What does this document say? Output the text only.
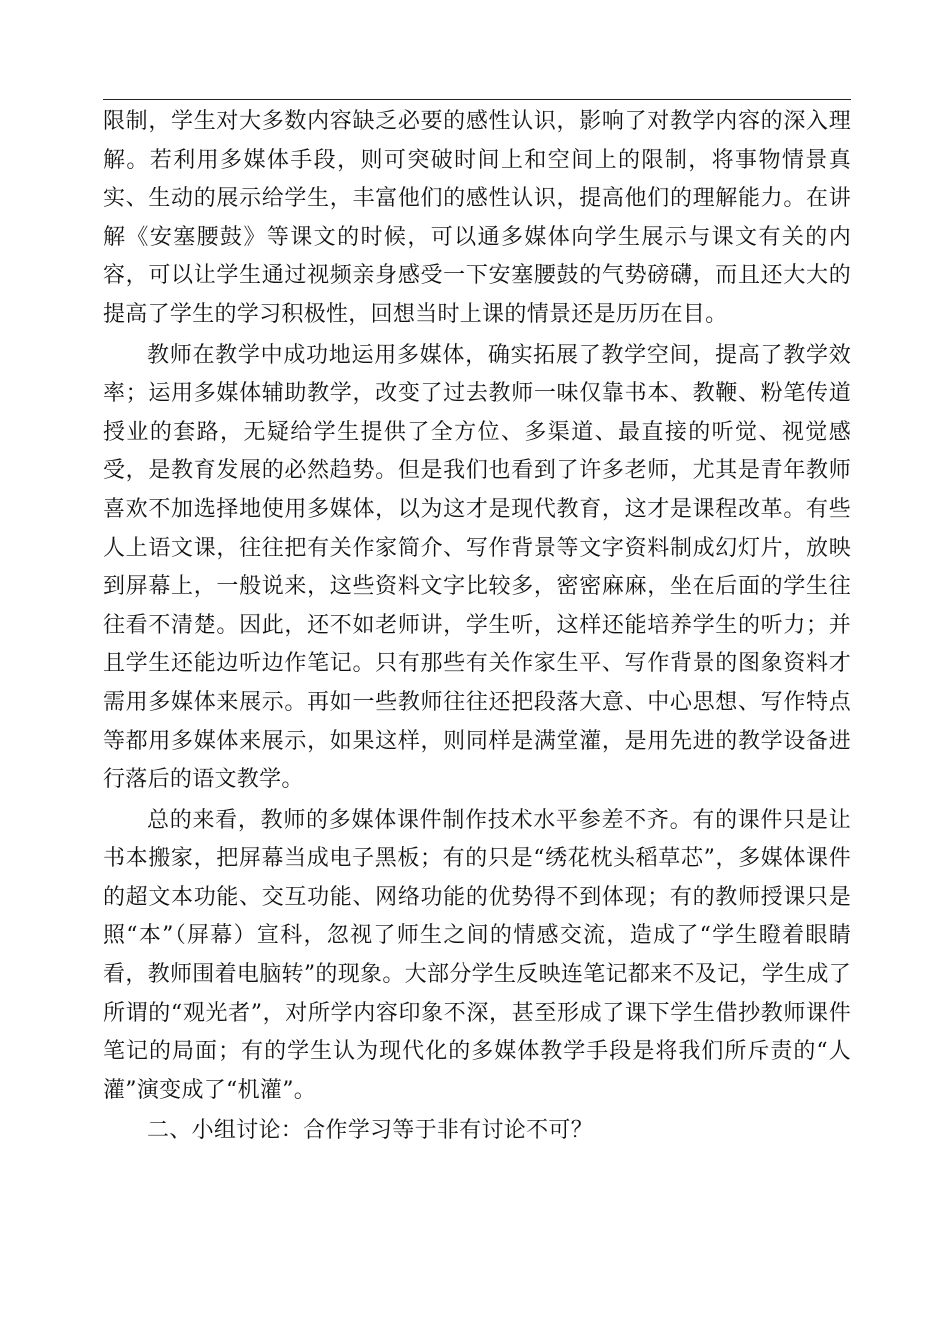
限制，学生对大多数内容缺乏必要的感性认识，影响了对教学内容的深入理解。若利用多媒体手段，则可突破时间上和空间上的限制，将事物情景真实、生动的展示给学生，丰富他们的感性认识，提高他们的理解能力。在讲解《安塞腰鼓》等课文的时候，可以通多媒体向学生展示与课文有关的内容，可以让学生通过视频亲身感受一下安塞腰鼓的气势磅礴，而且还大大的提高了学生的学习积极性，回想当时上课的情景还是历历在目。

教师在教学中成功地运用多媒体，确实拓展了教学空间，提高了教学效率；运用多媒体辅助教学，改变了过去教师一味仅靠书本、教鞭、粉笔传道授业的套路，无疑给学生提供了全方位、多渠道、最直接的听觉、视觉感受，是教育发展的必然趋势。但是我们也看到了许多老师，尤其是青年教师喜欢不加选择地使用多媒体，以为这才是现代教育，这才是课程改革。有些人上语文课，往往把有关作家简介、写作背景等文字资料制成幻灯片，放映到屏幕上，一般说来，这些资料文字比较多，密密麻麻，坐在后面的学生往往看不清楚。因此，还不如老师讲，学生听，这样还能培养学生的听力；并且学生还能边听边作笔记。只有那些有关作家生平、写作背景的图象资料才需用多媒体来展示。再如一些教师往往还把段落大意、中心思想、写作特点等都用多媒体来展示，如果这样，则同样是满堂灌，是用先进的教学设备进行落后的语文教学。

总的来看，教师的多媒体课件制作技术水平参差不齐。有的课件只是让书本搬家，把屏幕当成电子黑板；有的只是“绣花枕头稻草芯”，多媒体课件的超文本功能、交互功能、网络功能的优势得不到体现；有的教师授课只是照“本”（屏幕）宣科，忽视了师生之间的情感交流，造成了“学生瞪着眼睛看，教师围着电脑转”的现象。大部分学生反映连笔记都来不及记，学生成了所谓的“观光者”，对所学内容印象不深，甚至形成了课下学生借抄教师课件笔记的局面；有的学生认为现代化的多媒体教学手段是将我们所斥责的“人灌”演变成了“机灌”。

二、小组讨论：合作学习等于非有讨论不可？
